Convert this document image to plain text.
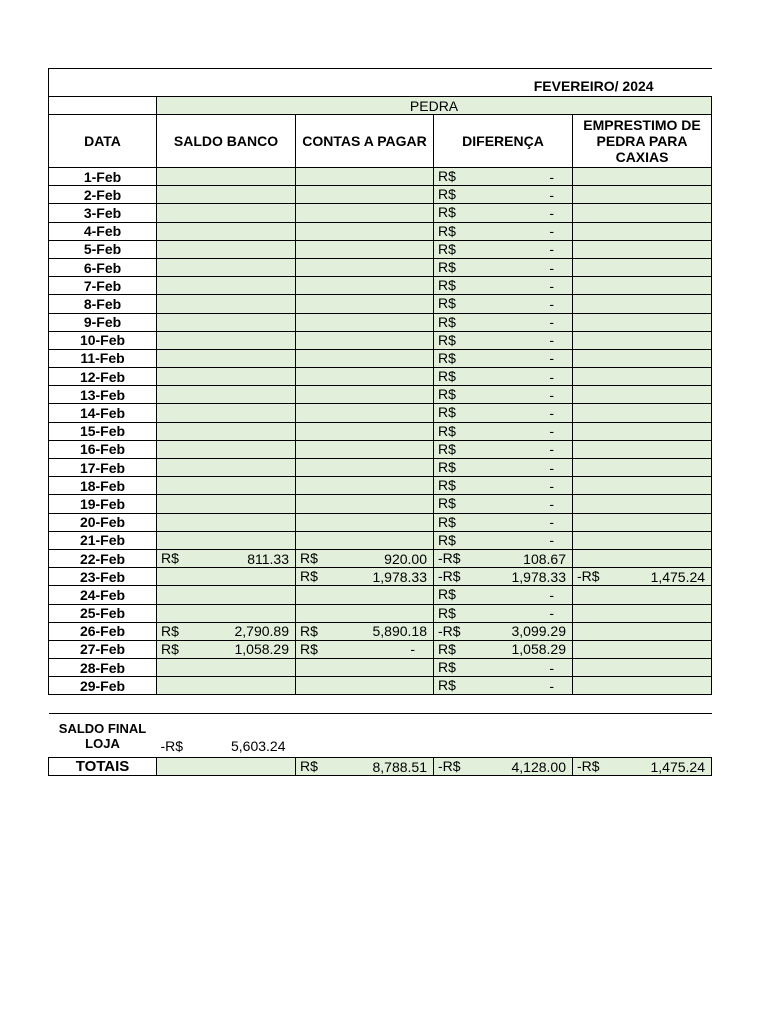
FEVEREIRO/ 2024				
	PEDRA			
DATA	SALDO BANCO	CONTAS A PAGAR	DIFERENÇA	EMPRESTIMO DE PEDRA PARA CAXIAS
1-Feb			R$ -	

2-Feb			R$ -	

3-Feb			R$ -	

4-Feb			R$ -	

5-Feb			R$ -	

6-Feb			R$ -	

7-Feb			R$ -	

8-Feb			R$ -	

9-Feb			R$ -	

10-Feb			R$ -	

11-Feb			R$ -	

12-Feb			R$ -	

13-Feb			R$ -	

14-Feb			R$ -	

15-Feb			R$ -	

16-Feb			R$ -	

17-Feb			R$ -	

18-Feb			R$ -	

19-Feb			R$ -	

20-Feb			R$ -	

21-Feb			R$ -	

22-Feb	R$ 811.33	R$ 920.00	-R$ 108.67	

23-Feb		R$ 1,978.33	-R$ 1,978.33	-R$ 1,475.24

24-Feb			R$ -	

25-Feb			R$ -	

26-Feb	R$ 2,790.89	R$ 5,890.18	-R$ 3,099.29	

27-Feb	R$ 1,058.29	R$ -	R$ 1,058.29	

28-Feb			R$ -	

29-Feb			R$ -	

SALDO FINAL LOJA	-R$ 5,603.24			

TOTAIS		R$ 8,788.51	-R$ 4,128.00	-R$ 1,475.24
